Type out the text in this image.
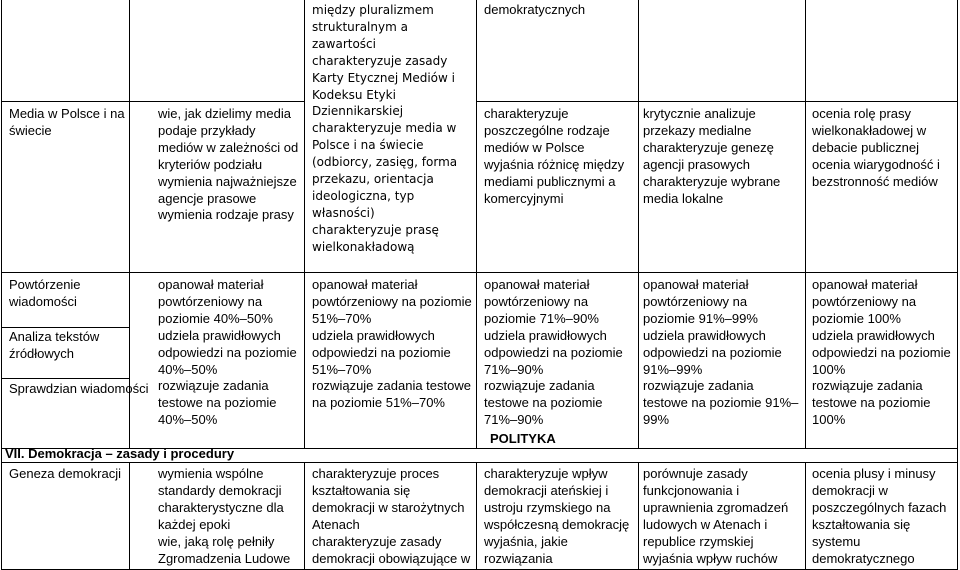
między pluralizmem strukturalnym a zawartości
charakteryzuje zasady Karty Etycznej Mediów i Kodeksu Etyki Dziennikarskiej
charakteryzuje media w Polsce i na świecie (odbiorcy, zasięg, forma przekazu, orientacja ideologiczna, typ własności)
charakteryzuje prasę wielkonakładową
demokratycznych
Media w Polsce i na świecie
wie, jak dzielimy media
podaje przykłady mediów w zależności od kryteriów podziału
wymienia najważniejsze agencje prasowe
wymienia rodzaje prasy
charakteryzuje poszczególne rodzaje mediów w Polsce
wyjaśnia różnicę między mediami publicznymi a komercyjnymi
krytycznie analizuje przekazy medialne
charakteryzuje genezę agencji prasowych
charakteryzuje wybrane media lokalne
ocenia rolę prasy wielkonakładowej w debacie publicznej
ocenia wiarygodność i bezstronność mediów
Powtórzenie wiadomości
Analiza tekstów źródłowych
Sprawdzian wiadomości
opanował materiał powtórzeniowy na poziomie 40%–50%
udziela prawidłowych odpowiedzi na poziomie 40%–50%
rozwiązuje zadania testowe na poziomie 40%–50%
opanował materiał powtórzeniowy na poziomie 51%–70%
udziela prawidłowych odpowiedzi na poziomie 51%–70%
rozwiązuje zadania testowe na poziomie 51%–70%
opanował materiał powtórzeniowy na poziomie 71%–90%
udziela prawidłowych odpowiedzi na poziomie 71%–90%
rozwiązuje zadania testowe na poziomie 71%–90%
opanował materiał powtórzeniowy na poziomie 91%–99%
udziela prawidłowych odpowiedzi na poziomie 91%–99%
rozwiązuje zadania testowe na poziomie 91%–99%
opanował materiał powtórzeniowy na poziomie 100%
udziela prawidłowych odpowiedzi na poziomie 100%
rozwiązuje zadania testowe na poziomie 100%
POLITYKA
VII. Demokracja – zasady i procedury
Geneza demokracji	wymienia wspólne standardy demokracji charakterystyczne dla każdej epoki
wie, jaką rolę pełniły Zgromadzenia Ludowe
charakteryzuje proces kształtowania się demokracji w starożytnych Atenach
charakteryzuje zasady demokracji obowiązujące w
charakteryzuje wpływ demokracji ateńskiej i ustroju rzymskiego na współczesną demokrację
wyjaśnia, jakie rozwiązania
porównuje zasady funkcjonowania i uprawnienia zgromadzeń ludowych w Atenach i republice rzymskiej
wyjaśnia wpływ ruchów
ocenia plusy i minusy demokracji w poszczególnych fazach kształtowania się systemu demokratycznego
